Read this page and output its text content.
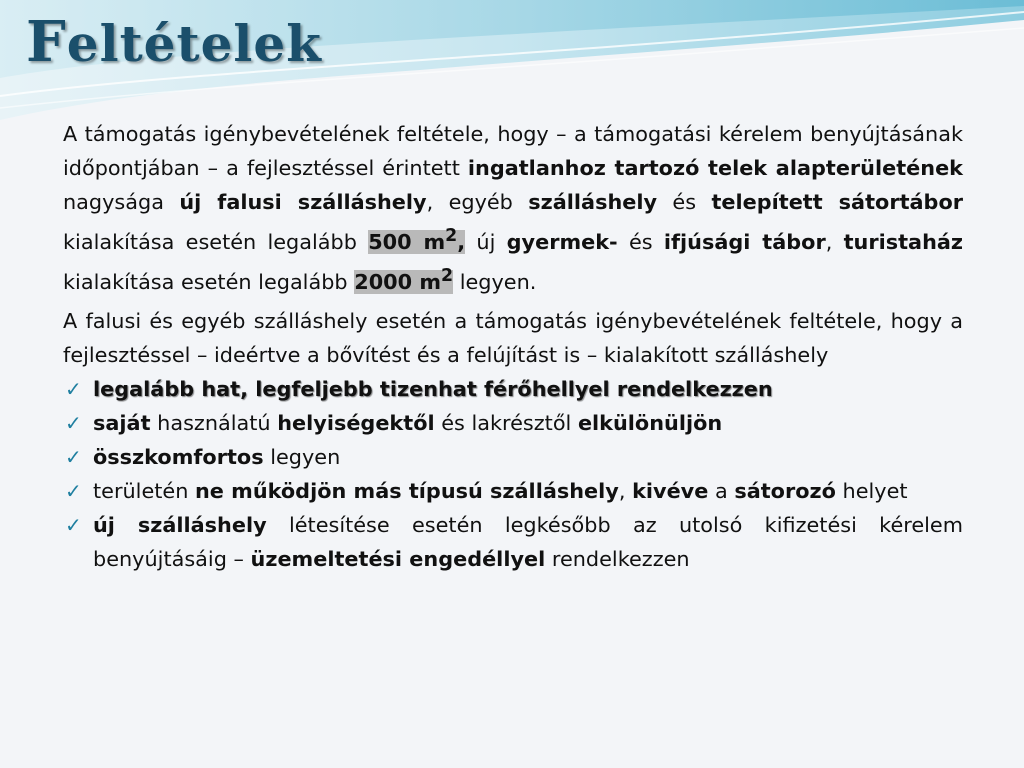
Feltételek

A támogatás igénybevételének feltétele, hogy – a támogatási kérelem benyújtásának időpontjában – a fejlesztéssel érintett ingatlanhoz tartozó telek alapterületének nagysága új falusi szálláshely, egyéb szálláshely és telepített sátortábor kialakítása esetén legalább 500 $m^2$, új gyermek- és ifjúsági tábor, turistaház kialakítása esetén legalább 2000 $m^2$ legyen.

A falusi és egyéb szálláshely esetén a támogatás igénybevételének feltétele, hogy a fejlesztéssel – ideértve a bővítést és a felújítást is – kialakított szálláshely

✓ legalább hat, legfeljebb tizenhat férőhellyel rendelkezzen
✓ saját használatú helyiségektől és lakrésztől elkülönüljön
✓ összkomfortos legyen
✓ területén ne működjön más típusú szálláshely, kivéve a sátorozó helyet
✓ új szálláshely létesítése esetén legkésőbb az utolsó kifizetési kérelem benyújtásáig – üzemeltetési engedéllyel rendelkezzen
